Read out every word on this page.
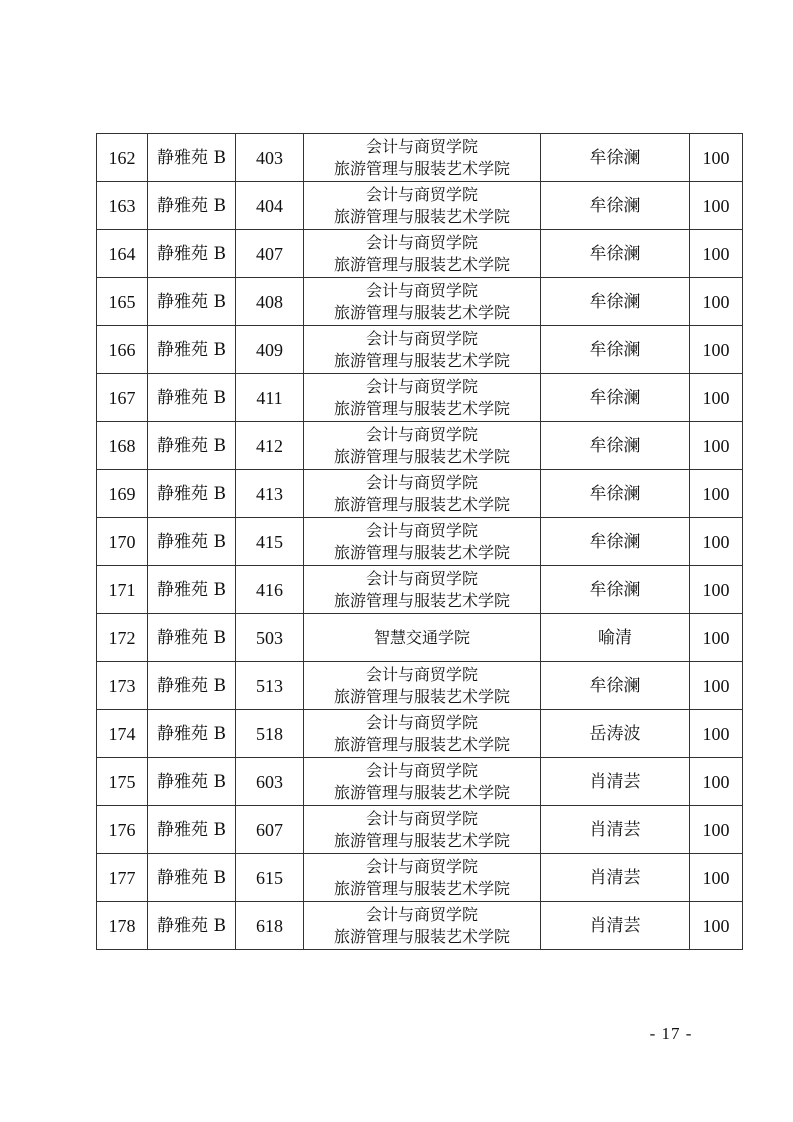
162	静雅苑 B	403	会计与商贸学院
旅游管理与服装艺术学院	牟徐澜	100
163	静雅苑 B	404	会计与商贸学院
旅游管理与服装艺术学院	牟徐澜	100
164	静雅苑 B	407	会计与商贸学院
旅游管理与服装艺术学院	牟徐澜	100
165	静雅苑 B	408	会计与商贸学院
旅游管理与服装艺术学院	牟徐澜	100
166	静雅苑 B	409	会计与商贸学院
旅游管理与服装艺术学院	牟徐澜	100
167	静雅苑 B	411	会计与商贸学院
旅游管理与服装艺术学院	牟徐澜	100
168	静雅苑 B	412	会计与商贸学院
旅游管理与服装艺术学院	牟徐澜	100
169	静雅苑 B	413	会计与商贸学院
旅游管理与服装艺术学院	牟徐澜	100
170	静雅苑 B	415	会计与商贸学院
旅游管理与服装艺术学院	牟徐澜	100
171	静雅苑 B	416	会计与商贸学院
旅游管理与服装艺术学院	牟徐澜	100
172	静雅苑 B	503	智慧交通学院	喻清	100
173	静雅苑 B	513	会计与商贸学院
旅游管理与服装艺术学院	牟徐澜	100
174	静雅苑 B	518	会计与商贸学院
旅游管理与服装艺术学院	岳涛波	100
175	静雅苑 B	603	会计与商贸学院
旅游管理与服装艺术学院	肖清芸	100
176	静雅苑 B	607	会计与商贸学院
旅游管理与服装艺术学院	肖清芸	100
177	静雅苑 B	615	会计与商贸学院
旅游管理与服装艺术学院	肖清芸	100
178	静雅苑 B	618	会计与商贸学院
旅游管理与服装艺术学院	肖清芸	100
- 17 -
